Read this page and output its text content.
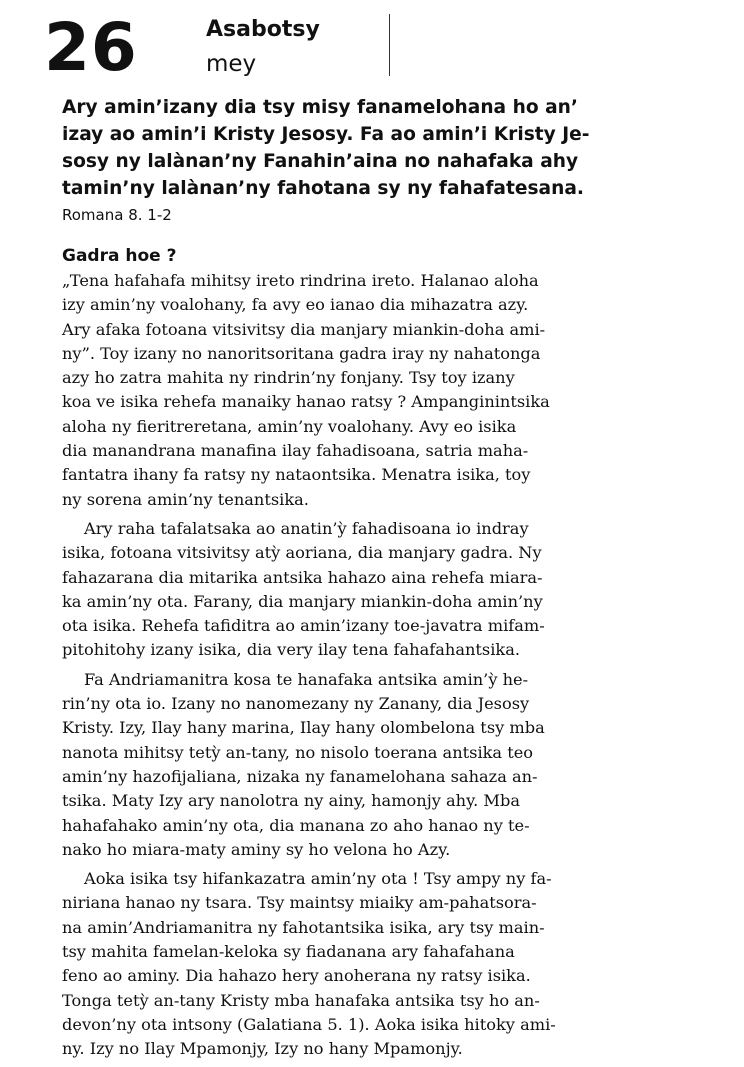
26	Asabotsy
mey
Ary amin’izany dia tsy misy fanamelohana ho an’
izay ao amin’i Kristy Jesosy. Fa ao amin’i Kristy Je-
sosy ny lalànan’ny Fanahin’aina no nahafaka ahy
tamin’ny lalànan’ny fahotana sy ny fahafatesana.
Romana 8. 1-2
Gadra hoe ?
„Tena hafahafa mihitsy ireto rindrina ireto. Halanao aloha
izy amin’ny voalohany, fa avy eo ianao dia mihazatra azy.
Ary afaka fotoana vitsivitsy dia manjary miankin-doha ami-
ny”. Toy izany no nanoritsoritana gadra iray ny nahatonga
azy ho zatra mahita ny rindrin’ny fonjany. Tsy toy izany
koa ve isika rehefa manaiky hanao ratsy ? Ampanginintsika
aloha ny fieritreretana, amin’ny voalohany. Avy eo isika
dia manandrana manafina ilay fahadisoana, satria maha-
fantatra ihany fa ratsy ny nataontsika. Menatra isika, toy
ny sorena amin’ny tenantsika.
Ary raha tafalatsaka ao anatin’ỳ fahadisoana io indray
isika, fotoana vitsivitsy atỳ aoriana, dia manjary gadra. Ny
fahazarana dia mitarika antsika hahazo aina rehefa miara-
ka amin’ny ota. Farany, dia manjary miankin-doha amin’ny
ota isika. Rehefa tafiditra ao amin’izany toe-javatra mifam-
pitohitohy izany isika, dia very ilay tena fahafahantsika.
Fa Andriamanitra kosa te hanafaka antsika amin’ỳ he-
rin’ny ota io. Izany no nanomezany ny Zanany, dia Jesosy
Kristy. Izy, Ilay hany marina, Ilay hany olombelona tsy mba
nanota mihitsy tetỳ an-tany, no nisolo toerana antsika teo
amin’ny hazofijaliana, nizaka ny fanamelohana sahaza an-
tsika. Maty Izy ary nanolotra ny ainy, hamonjy ahy. Mba
hahafahako amin’ny ota, dia manana zo aho hanao ny te-
nako ho miara-maty aminy sy ho velona ho Azy.
Aoka isika tsy hifankazatra amin’ny ota ! Tsy ampy ny fa-
niriana hanao ny tsara. Tsy maintsy miaiky am-pahatsora-
na amin’Andriamanitra ny fahotantsika isika, ary tsy main-
tsy mahita famelan-keloka sy fiadanana ary fahafahana
feno ao aminy. Dia hahazo hery anoherana ny ratsy isika.
Tonga tetỳ an-tany Kristy mba hanafaka antsika tsy ho an-
devon’ny ota intsony (Galatiana 5. 1). Aoka isika hitoky ami-
ny. Izy no Ilay Mpamonjy, Izy no hany Mpamonjy.
